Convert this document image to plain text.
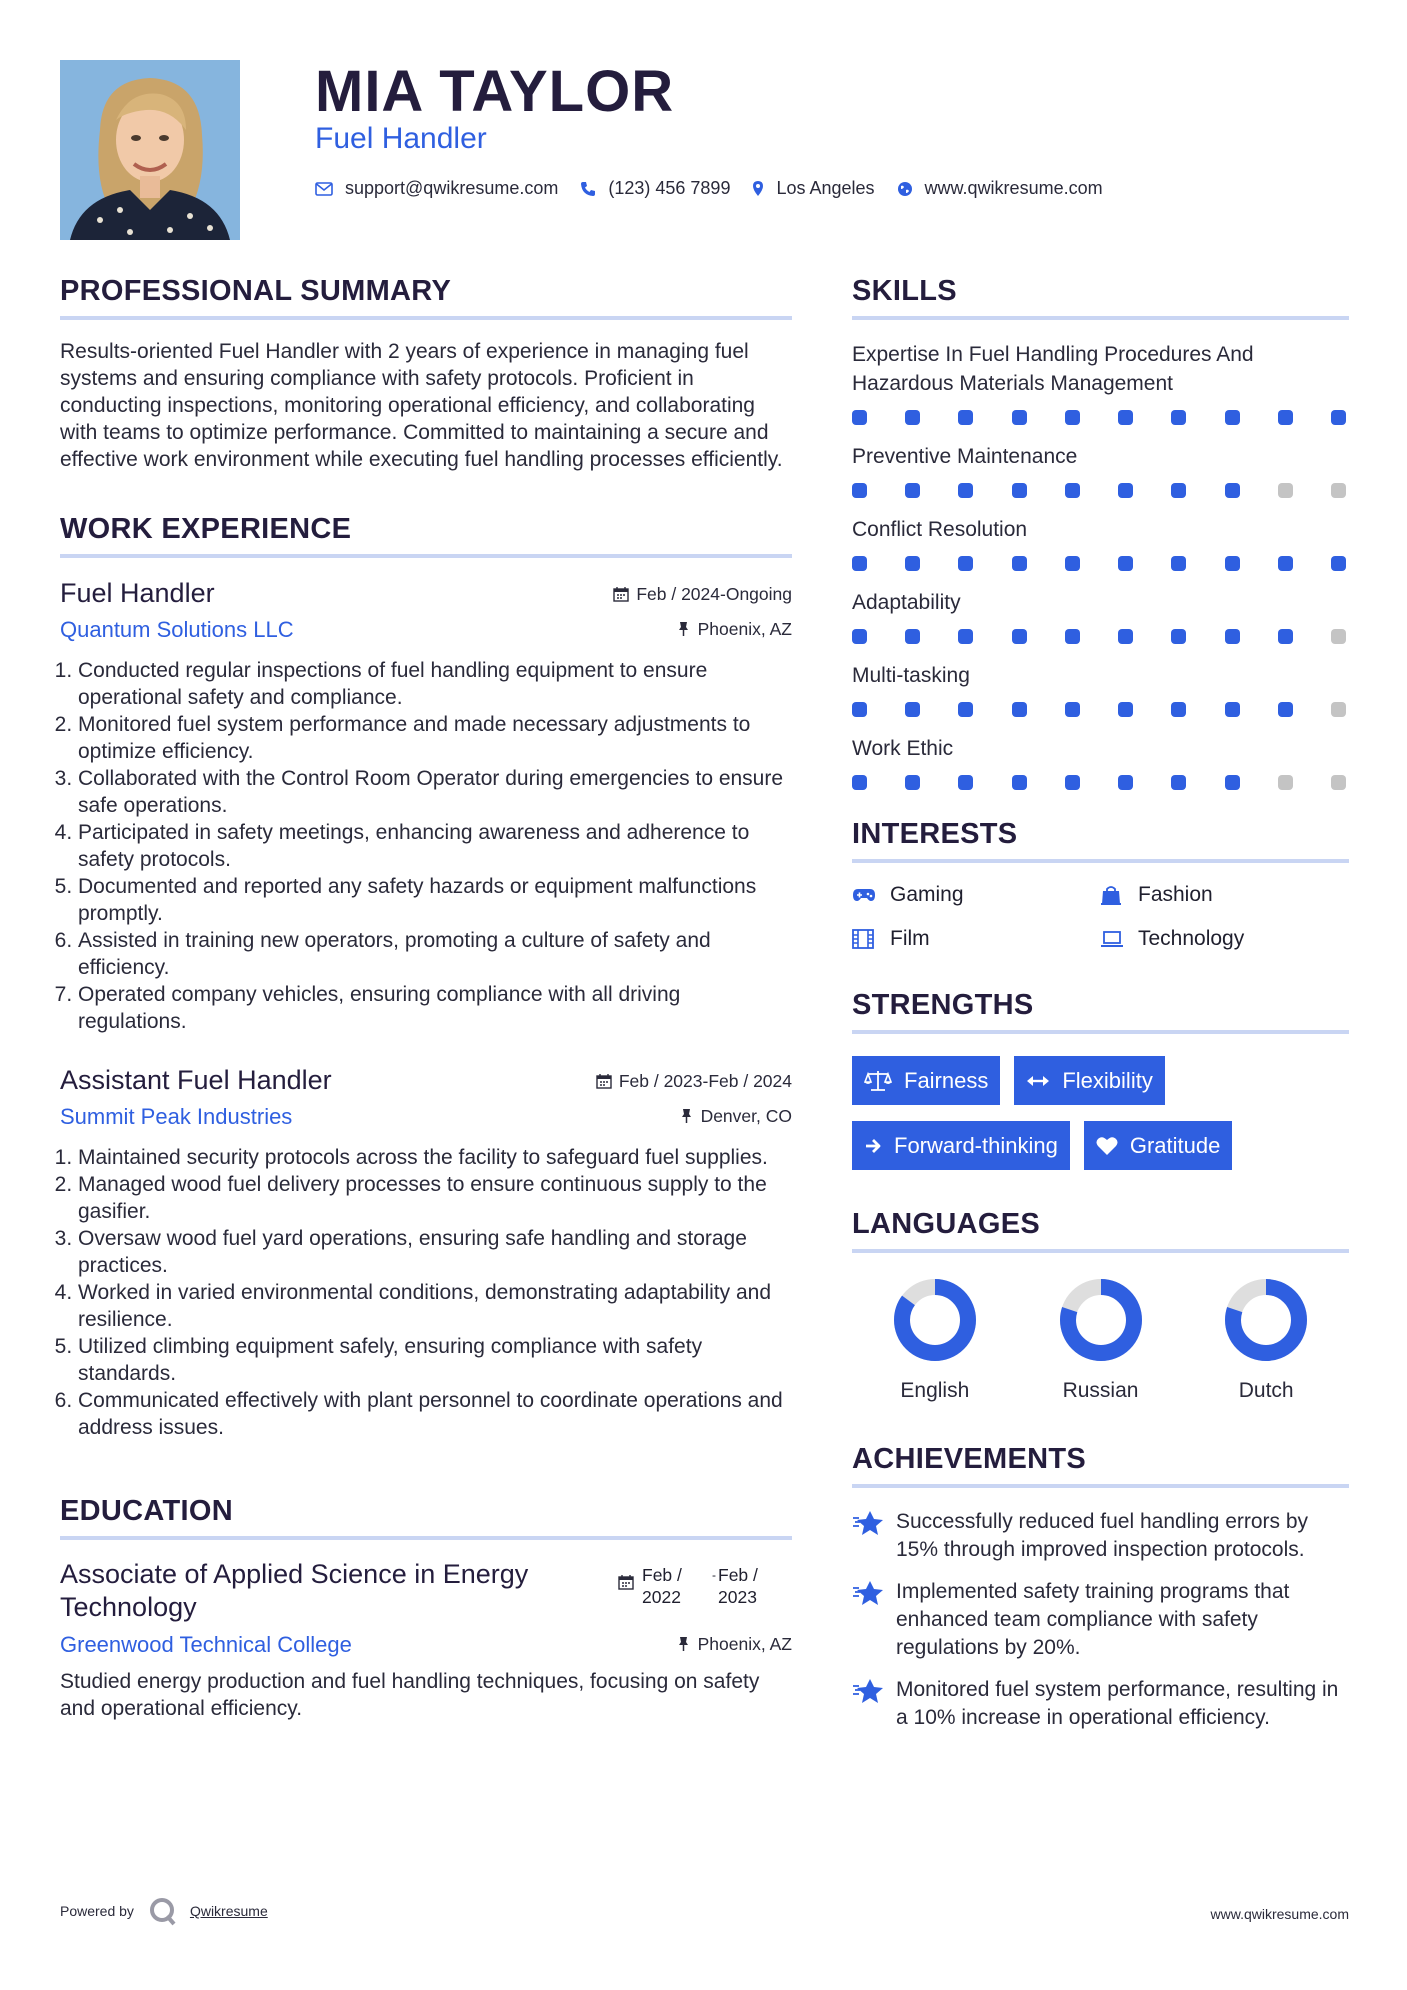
MIA TAYLOR
Fuel Handler
support@qwikresume.com	(123) 456 7899	Los Angeles	www.qwikresume.com
PROFESSIONAL SUMMARY
Results-oriented Fuel Handler with 2 years of experience in managing fuel systems and ensuring compliance with safety protocols. Proficient in conducting inspections, monitoring operational efficiency, and collaborating with teams to optimize performance. Committed to maintaining a secure and effective work environment while executing fuel handling processes efficiently.
WORK EXPERIENCE
Fuel Handler	Feb / 2024-Ongoing
Quantum Solutions LLC	Phoenix, AZ
1. Conducted regular inspections of fuel handling equipment to ensure operational safety and compliance.
2. Monitored fuel system performance and made necessary adjustments to optimize efficiency.
3. Collaborated with the Control Room Operator during emergencies to ensure safe operations.
4. Participated in safety meetings, enhancing awareness and adherence to safety protocols.
5. Documented and reported any safety hazards or equipment malfunctions promptly.
6. Assisted in training new operators, promoting a culture of safety and efficiency.
7. Operated company vehicles, ensuring compliance with all driving regulations.
Assistant Fuel Handler	Feb / 2023-Feb / 2024
Summit Peak Industries	Denver, CO
1. Maintained security protocols across the facility to safeguard fuel supplies.
2. Managed wood fuel delivery processes to ensure continuous supply to the gasifier.
3. Oversaw wood fuel yard operations, ensuring safe handling and storage practices.
4. Worked in varied environmental conditions, demonstrating adaptability and resilience.
5. Utilized climbing equipment safely, ensuring compliance with safety standards.
6. Communicated effectively with plant personnel to coordinate operations and address issues.
EDUCATION
Associate of Applied Science in Energy Technology
Feb / 2022
- Feb / 2023
Greenwood Technical College	Phoenix, AZ
Studied energy production and fuel handling techniques, focusing on safety and operational efficiency.
SKILLS
Expertise In Fuel Handling Procedures And Hazardous Materials Management
Preventive Maintenance
Conflict Resolution
Adaptability
Multi-tasking
Work Ethic
INTERESTS
Gaming	Fashion
Film	Technology
STRENGTHS
Fairness	Flexibility
Forward-thinking	Gratitude
LANGUAGES
English	Russian	Dutch
ACHIEVEMENTS
Successfully reduced fuel handling errors by 15% through improved inspection protocols.
Implemented safety training programs that enhanced team compliance with safety regulations by 20%.
Monitored fuel system performance, resulting in a 10% increase in operational efficiency.
Powered by	Qwikresume	www.qwikresume.com
